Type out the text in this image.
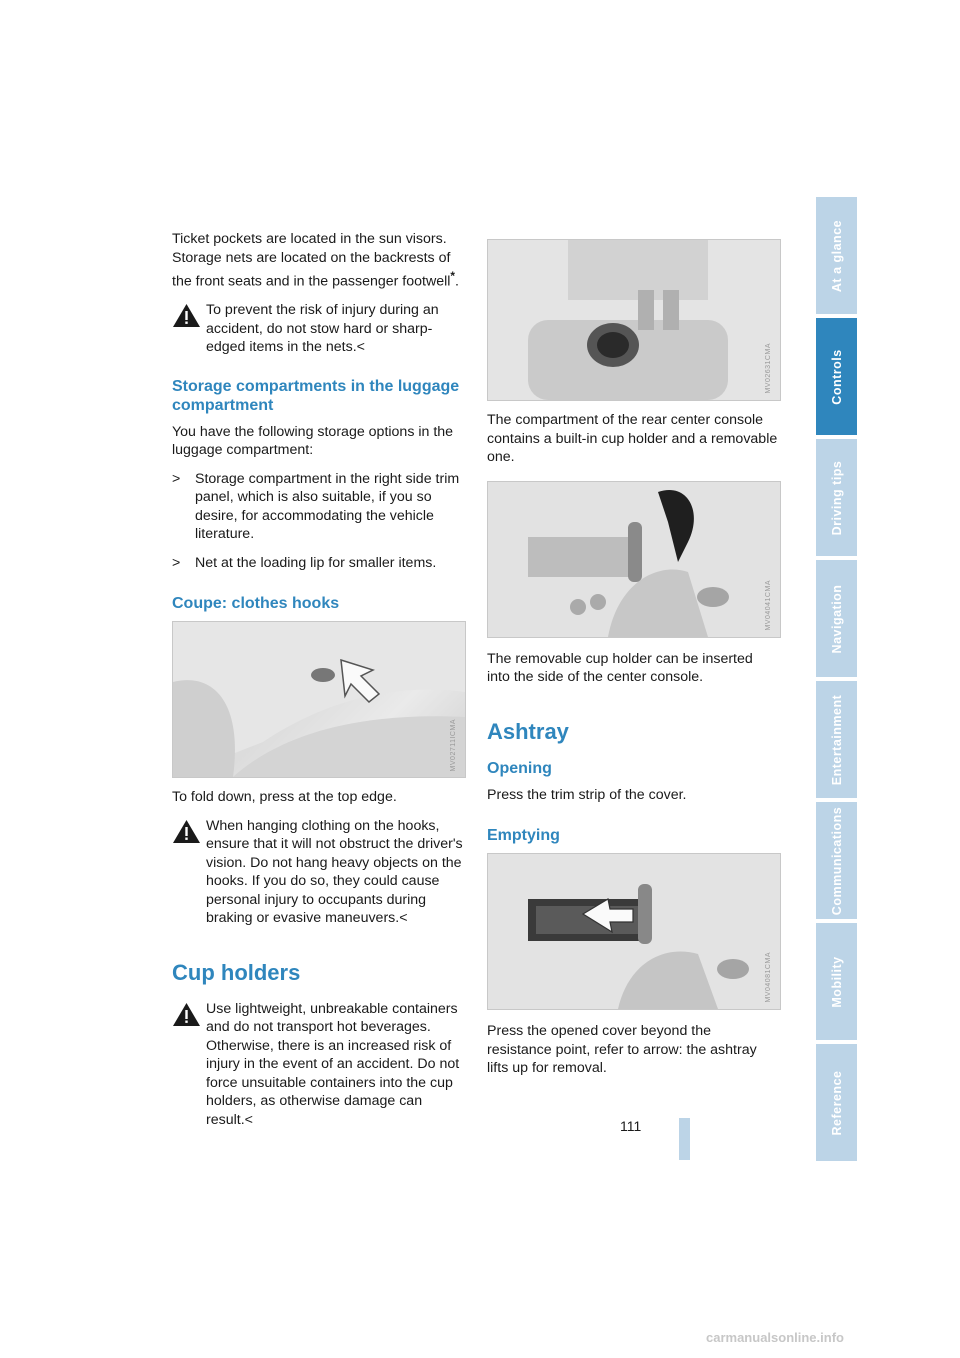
Ticket pockets are located in the sun visors. Storage nets are located on the backrests of the front seats and in the passenger footwell*.

To prevent the risk of injury during an accident, do not stow hard or sharp-edged items in the nets.<
Storage compartments in the luggage compartment

You have the following storage options in the luggage compartment:

> Storage compartment in the right side trim panel, which is also suitable, if you so desire, for accommodating the vehicle literature.
> Net at the loading lip for smaller items.
Coupe: clothes hooks
MV02711ICMA

To fold down, press at the top edge.

When hanging clothing on the hooks, ensure that it will not obstruct the driver's vision. Do not hang heavy objects on the hooks. If you do so, they could cause personal injury to occupants during braking or evasive maneuvers.<
Cup holders
Use lightweight, unbreakable containers and do not transport hot beverages. Otherwise, there is an increased risk of injury in the event of an accident. Do not force unsuitable containers into the cup holders, as otherwise damage can result.<
MV02631CMA

The compartment of the rear center console contains a built-in cup holder and a removable one.

MV04041CMA

The removable cup holder can be inserted into the side of the center console.

Ashtray
Opening

Press the trim strip of the cover.

Emptying
MV04081CMA

Press the opened cover beyond the resistance point, refer to arrow: the ashtray lifts up for removal.

At a glance
Controls
Driving tips
Navigation
Entertainment
Communications
Mobility
Reference
111
carmanualsonline.info
